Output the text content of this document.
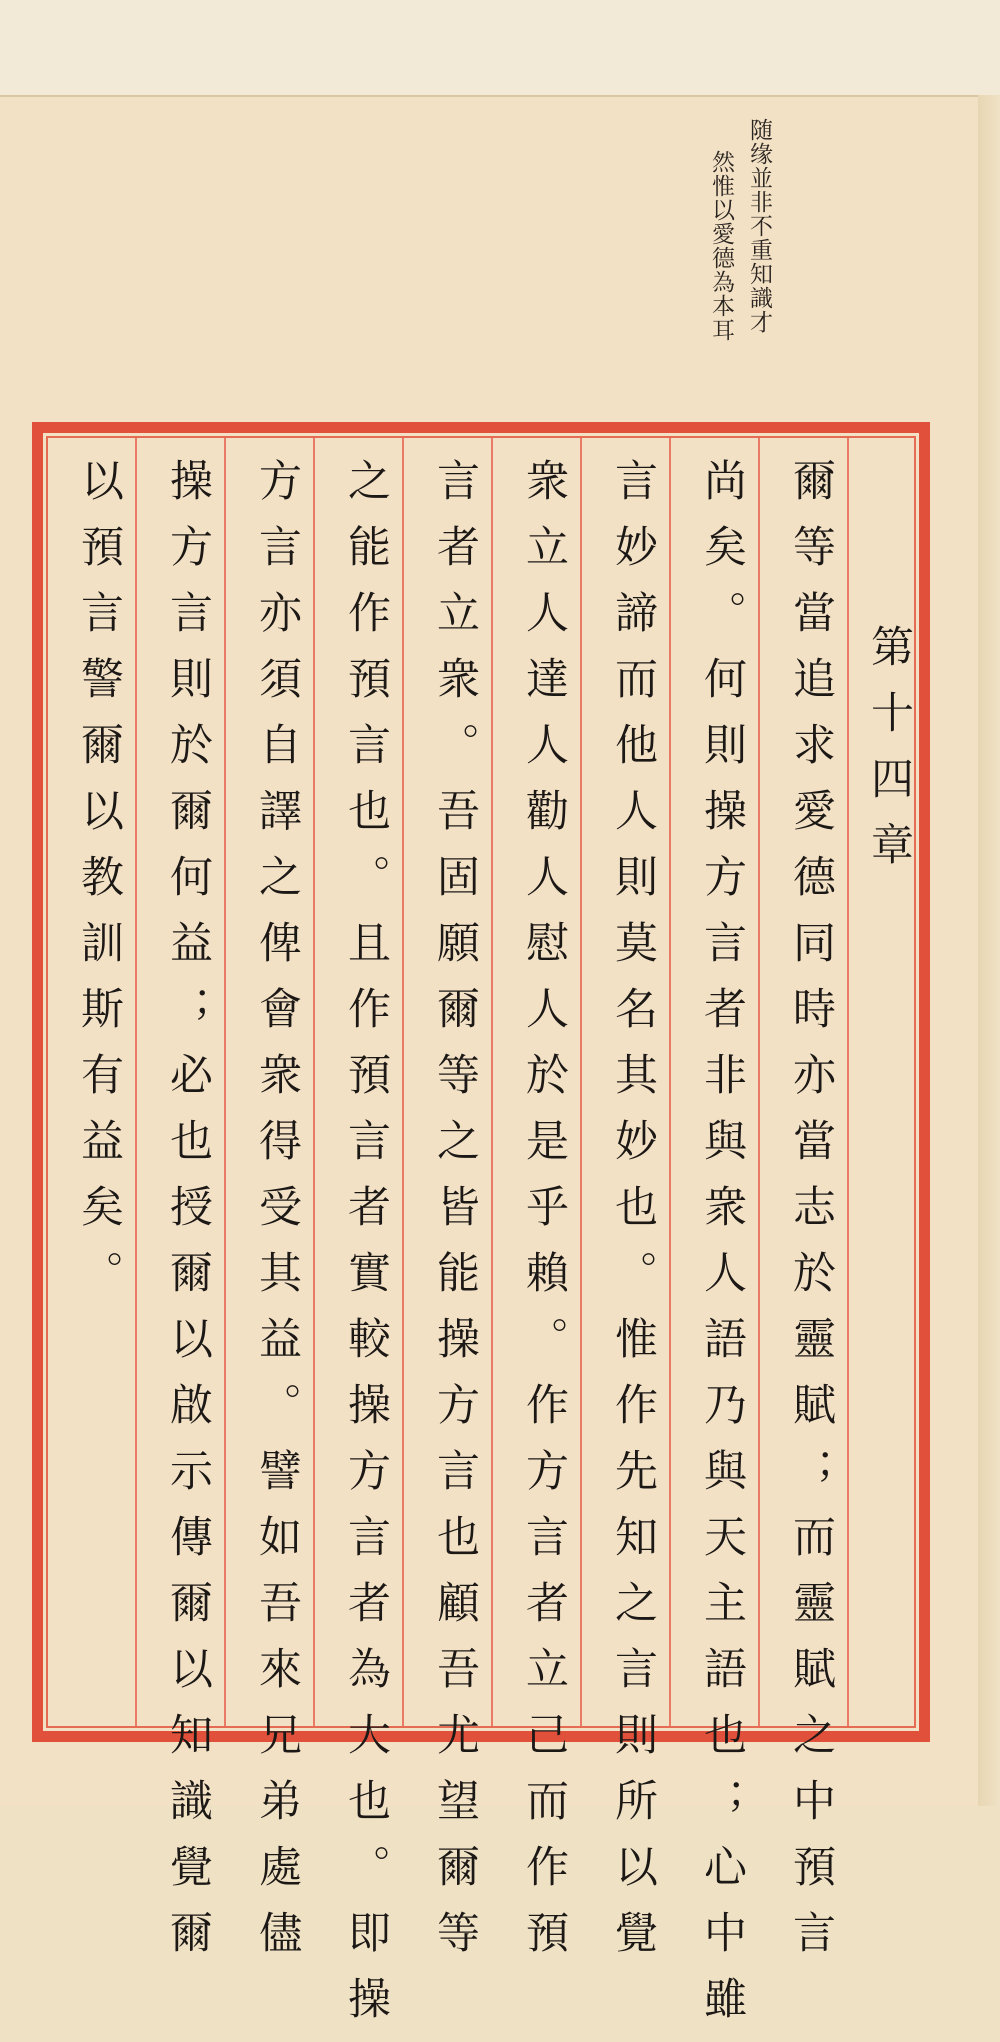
随缘並非不重知識才
然惟以愛德為本耳
第十四章
爾等當追求愛德同時亦當志於靈賦；而靈賦之中預言
尚矣。何則操方言者非與衆人語乃與天主語也；心中雖
言妙諦而他人則莫名其妙也。惟作先知之言則所以覺
衆立人達人勸人慰人於是乎賴。作方言者立己而作預
言者立衆。吾固願爾等之皆能操方言也顧吾尤望爾等
之能作預言也。且作預言者實較操方言者為大也。即操
方言亦須自譯之俾會衆得受其益。譬如吾來兄弟處儘
操方言則於爾何益；必也授爾以啟示傳爾以知識覺爾
以預言警爾以教訓斯有益矣。
